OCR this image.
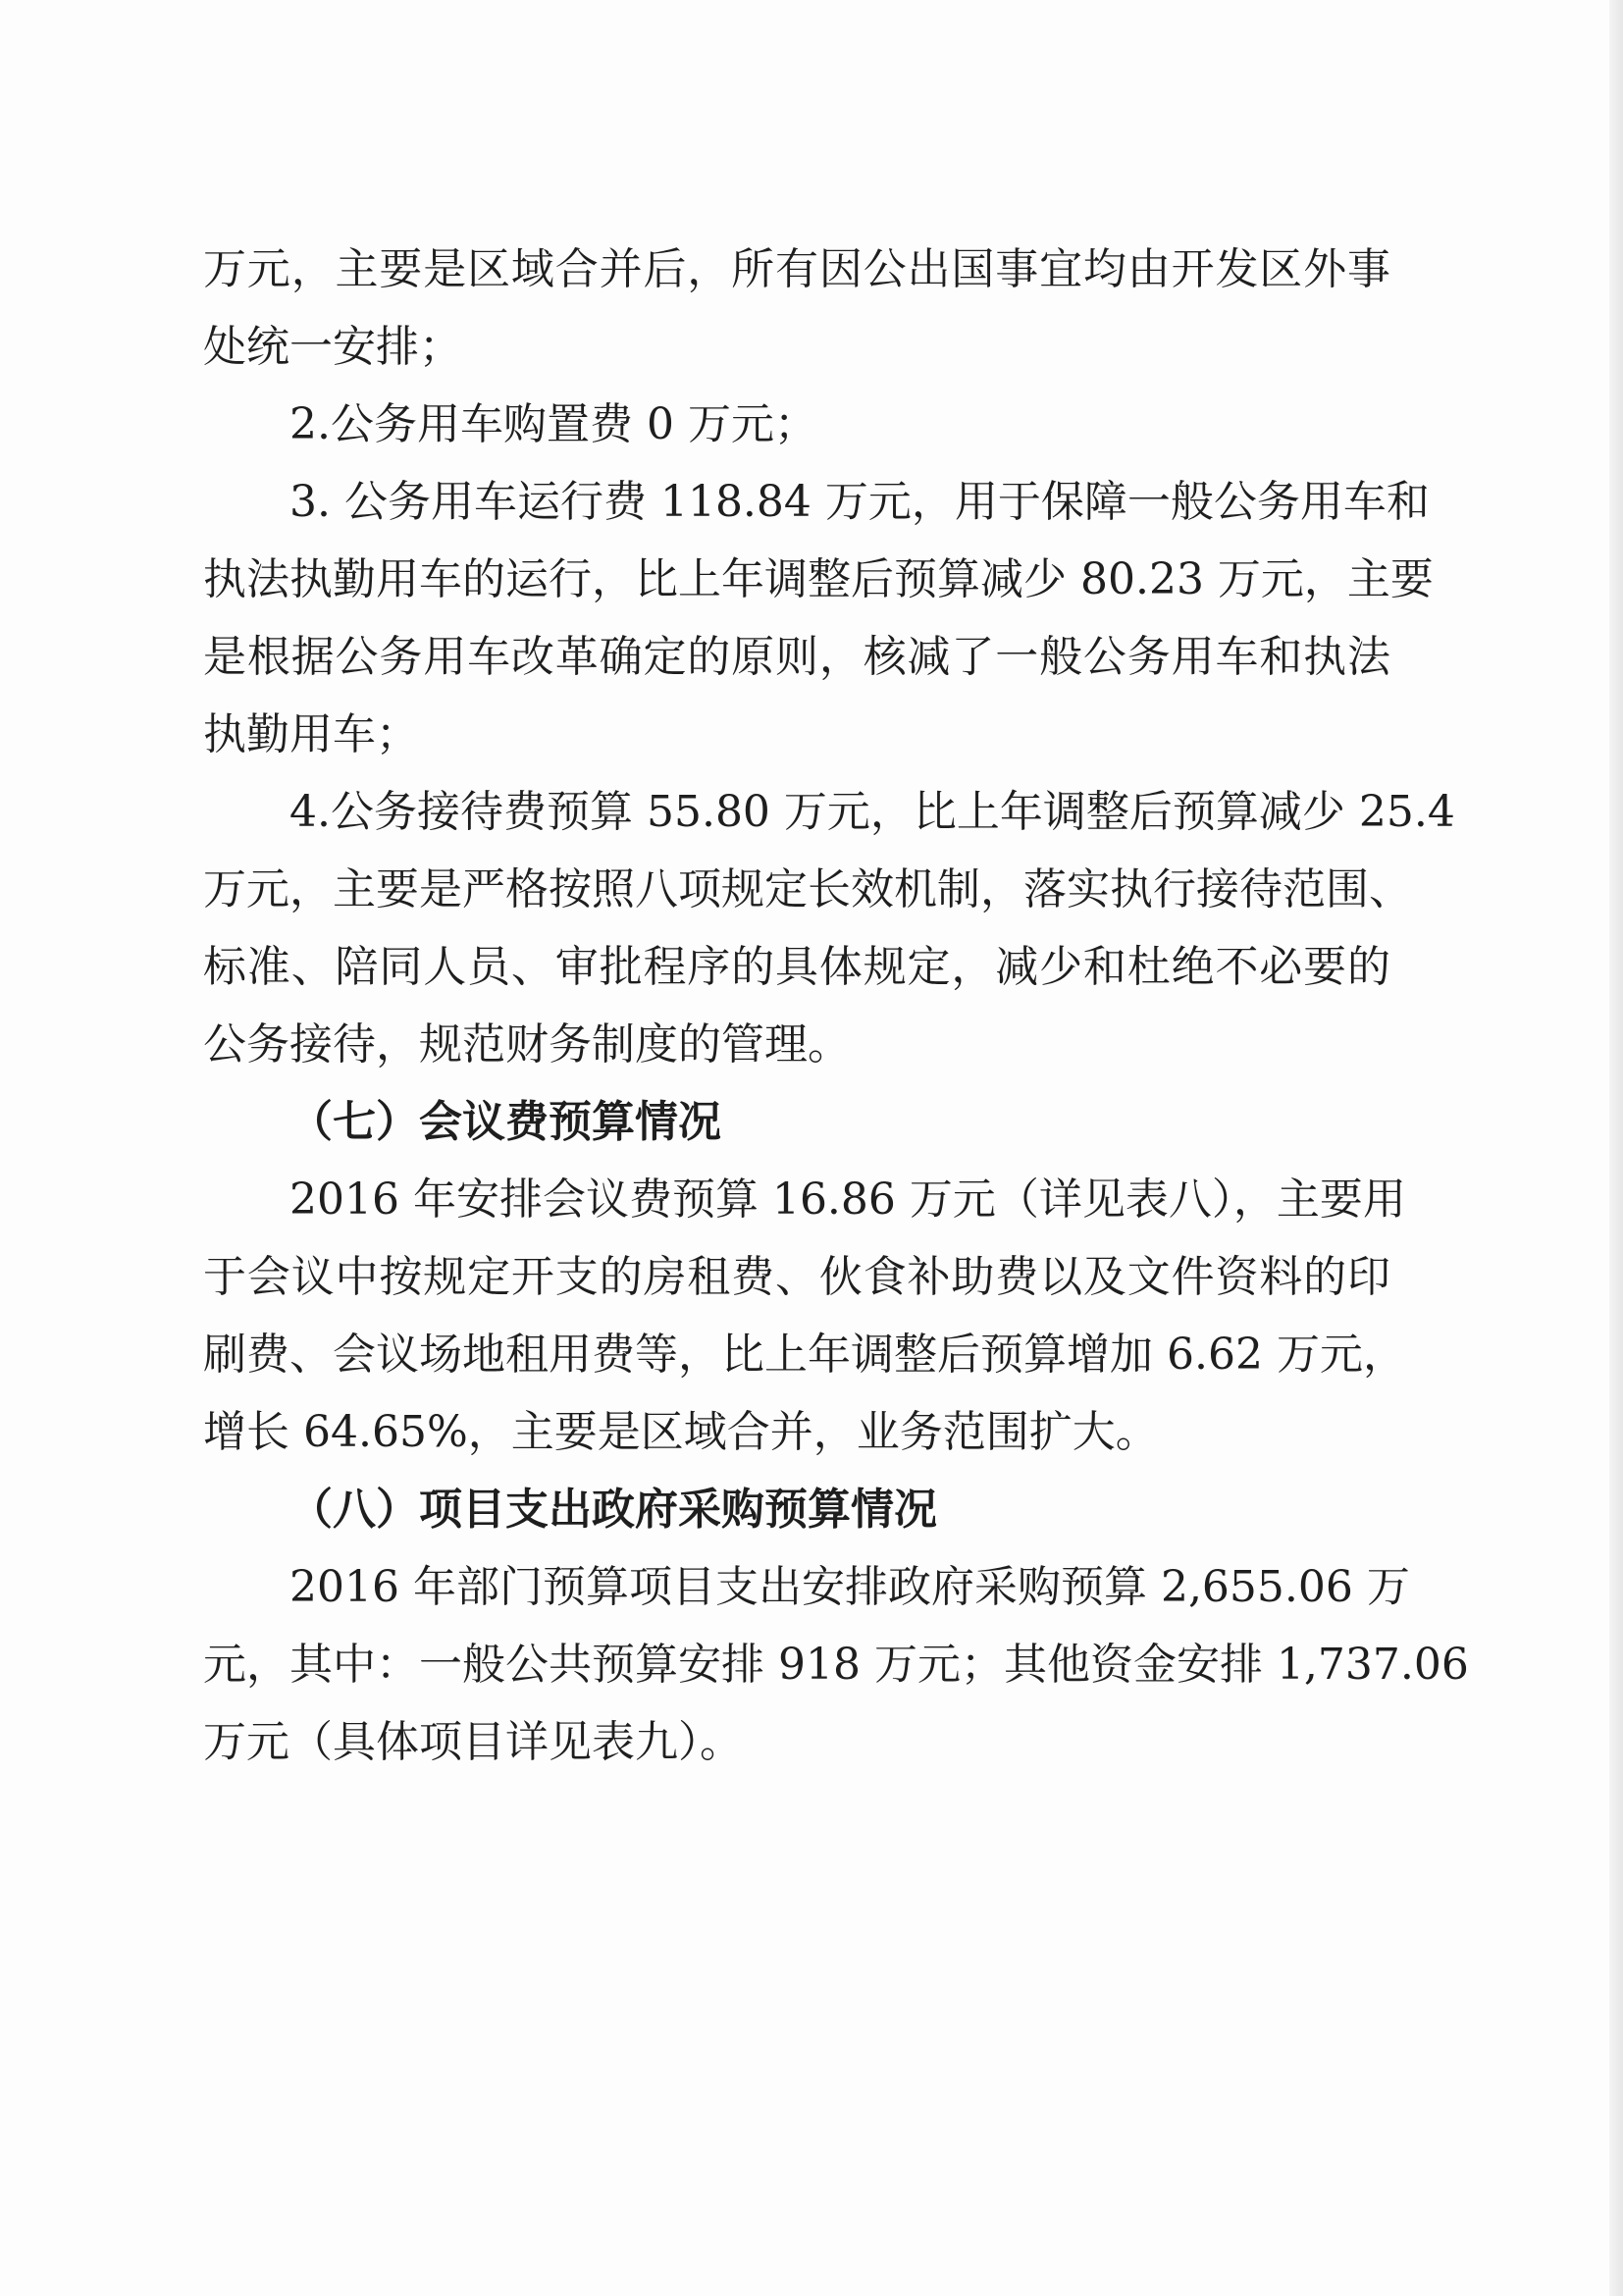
万元，主要是区域合并后，所有因公出国事宜均由开发区外事
处统一安排；
2.公务用车购置费 0 万元；
3. 公务用车运行费 118.84 万元，用于保障一般公务用车和
执法执勤用车的运行，比上年调整后预算减少 80.23 万元，主要
是根据公务用车改革确定的原则，核减了一般公务用车和执法
执勤用车；
4.公务接待费预算 55.80 万元，比上年调整后预算减少 25.4
万元，主要是严格按照八项规定长效机制，落实执行接待范围、
标准、陪同人员、审批程序的具体规定，减少和杜绝不必要的
公务接待，规范财务制度的管理。
（七）会议费预算情况
2016 年安排会议费预算 16.86 万元（详见表八），主要用
于会议中按规定开支的房租费、伙食补助费以及文件资料的印
刷费、会议场地租用费等，比上年调整后预算增加 6.62 万元，
增长 64.65%，主要是区域合并，业务范围扩大。
（八）项目支出政府采购预算情况
2016 年部门预算项目支出安排政府采购预算 2,655.06 万
元，其中：一般公共预算安排 918 万元；其他资金安排 1,737.06
万元（具体项目详见表九）。
